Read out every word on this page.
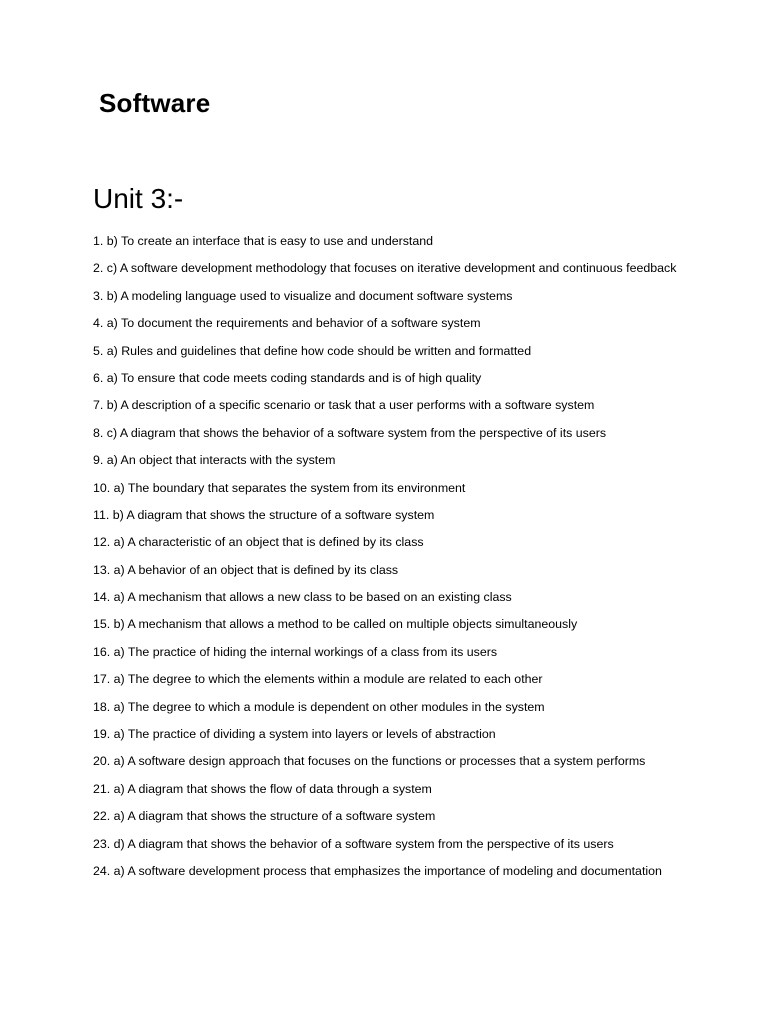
Software
Unit 3:-
1. b) To create an interface that is easy to use and understand
2. c) A software development methodology that focuses on iterative development and continuous feedback
3. b) A modeling language used to visualize and document software systems
4. a) To document the requirements and behavior of a software system
5. a) Rules and guidelines that define how code should be written and formatted
6. a) To ensure that code meets coding standards and is of high quality
7. b) A description of a specific scenario or task that a user performs with a software system
8. c) A diagram that shows the behavior of a software system from the perspective of its users
9. a) An object that interacts with the system
10. a) The boundary that separates the system from its environment
11. b) A diagram that shows the structure of a software system
12. a) A characteristic of an object that is defined by its class
13. a) A behavior of an object that is defined by its class
14. a) A mechanism that allows a new class to be based on an existing class
15. b) A mechanism that allows a method to be called on multiple objects simultaneously
16. a) The practice of hiding the internal workings of a class from its users
17. a) The degree to which the elements within a module are related to each other
18. a) The degree to which a module is dependent on other modules in the system
19. a) The practice of dividing a system into layers or levels of abstraction
20. a) A software design approach that focuses on the functions or processes that a system performs
21. a) A diagram that shows the flow of data through a system
22. a) A diagram that shows the structure of a software system
23. d) A diagram that shows the behavior of a software system from the perspective of its users
24. a) A software development process that emphasizes the importance of modeling and documentation
